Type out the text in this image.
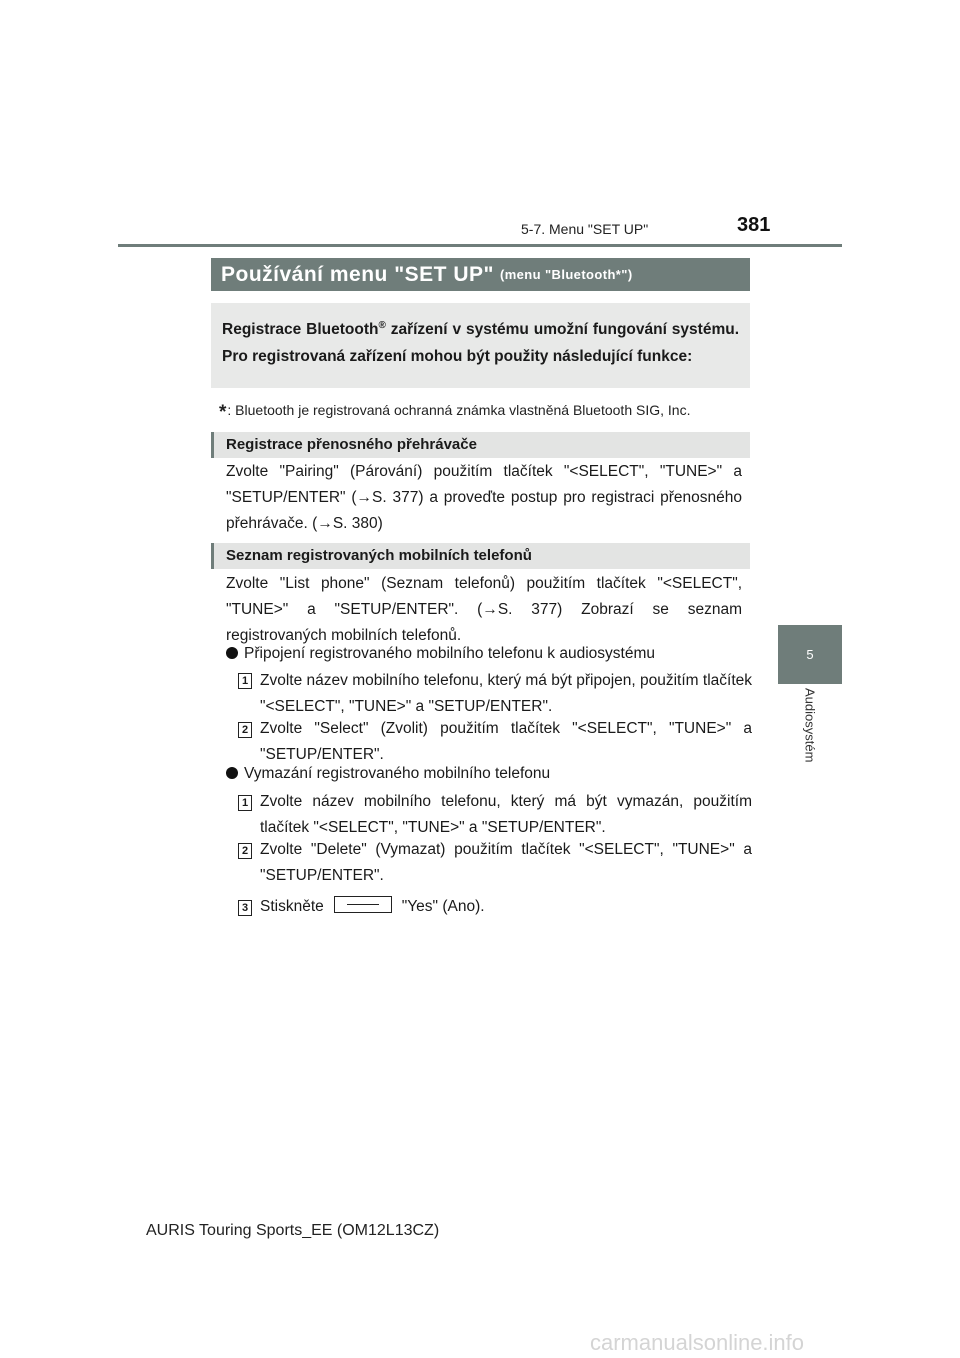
5-7. Menu "SET UP"	381
5
Audiosystém
Používání menu "SET UP" (menu "Bluetooth*")
Registrace Bluetooth® zařízení v systému umožní fungování systému. Pro registrovaná zařízení mohou být použity následující funkce:
*: Bluetooth je registrovaná ochranná známka vlastněná Bluetooth SIG, Inc.
Registrace přenosného přehrávače
Zvolte "Pairing" (Párování) použitím tlačítek "<SELECT", "TUNE>" a "SETUP/ENTER" (→S. 377) a proveďte postup pro registraci přenosného přehrávače. (→S. 380)
Seznam registrovaných mobilních telefonů
Zvolte "List phone" (Seznam telefonů) použitím tlačítek "<SELECT", "TUNE>" a "SETUP/ENTER". (→S. 377) Zobrazí se seznam registrovaných mobilních telefonů.
Připojení registrovaného mobilního telefonu k audiosystému
1 Zvolte název mobilního telefonu, který má být připojen, použitím tlačítek "<SELECT", "TUNE>" a "SETUP/ENTER".
2 Zvolte "Select" (Zvolit) použitím tlačítek "<SELECT", "TUNE>" a "SETUP/ENTER".
Vymazání registrovaného mobilního telefonu
1 Zvolte název mobilního telefonu, který má být vymazán, použitím tlačítek "<SELECT", "TUNE>" a "SETUP/ENTER".
2 Zvolte "Delete" (Vymazat) použitím tlačítek "<SELECT", "TUNE>" a "SETUP/ENTER".
3 Stiskněte	"Yes" (Ano).
AURIS Touring Sports_EE (OM12L13CZ)
carmanualsonline.info
